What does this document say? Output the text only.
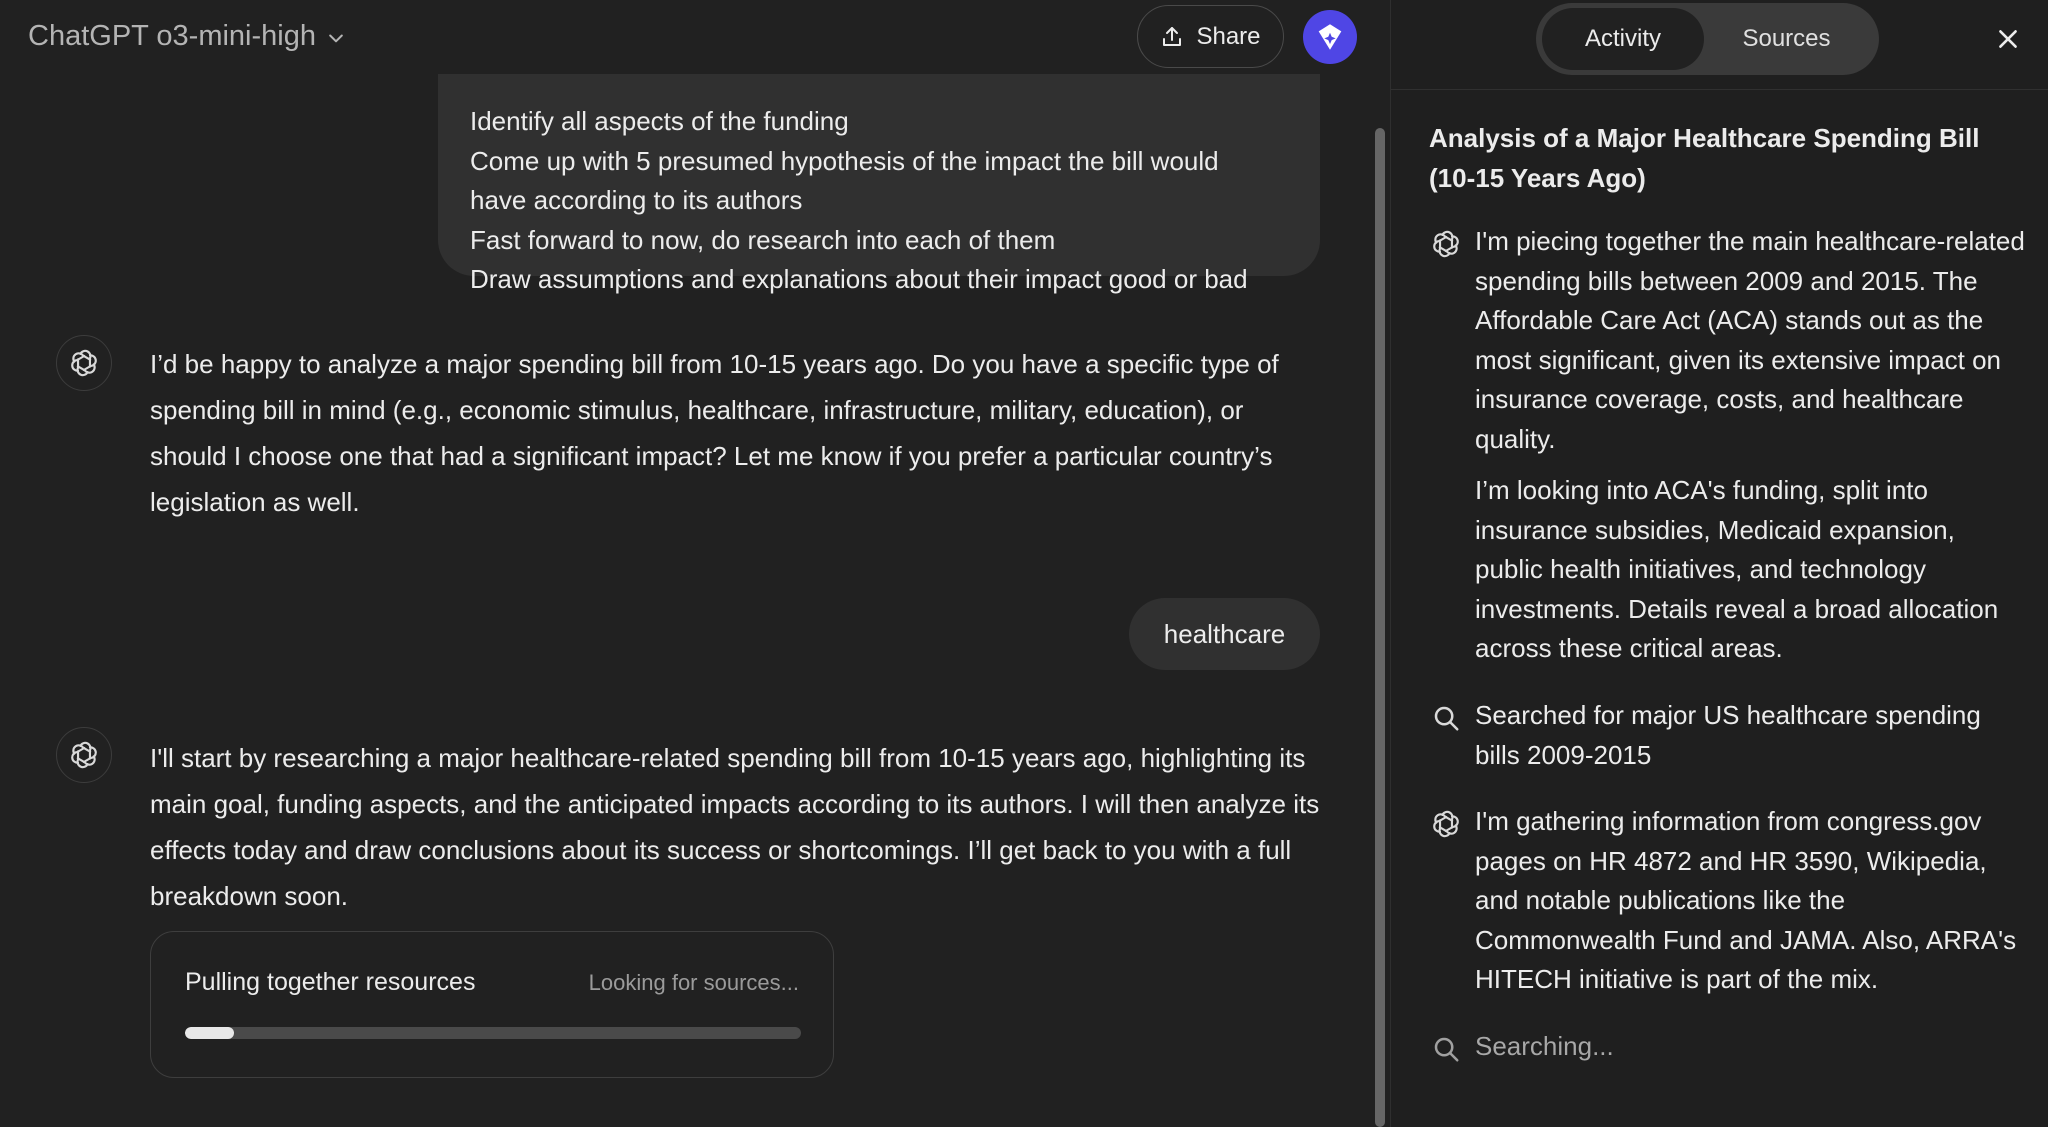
Identify all aspects of the funding
Come up with 5 presumed hypothesis of the impact the bill would
have according to its authors
Fast forward to now, do research into each of them
Draw assumptions and explanations about their impact good or bad
I’d be happy to analyze a major spending bill from 10-15 years ago. Do you have a specific type of spending bill in mind (e.g., economic stimulus, healthcare, infrastructure, military, education), or should I choose one that had a significant impact? Let me know if you prefer a particular country’s legislation as well.
healthcare
I'll start by researching a major healthcare-related spending bill from 10-15 years ago, highlighting its main goal, funding aspects, and the anticipated impacts according to its authors. I will then analyze its effects today and draw conclusions about its success or shortcomings. I’ll get back to you with a full breakdown soon.
Pulling together resources	Looking for sources...
ChatGPT o3-mini-high	Share	Activity	Sources
Analysis of a Major Healthcare Spending Bill (10-15 Years Ago)

I'm piecing together the main healthcare-related spending bills between 2009 and 2015. The Affordable Care Act (ACA) stands out as the most significant, given its extensive impact on insurance coverage, costs, and healthcare quality.

I’m looking into ACA's funding, split into insurance subsidies, Medicaid expansion, public health initiatives, and technology investments. Details reveal a broad allocation across these critical areas.

Searched for major US healthcare spending bills 2009-2015
I'm gathering information from congress.gov pages on HR 4872 and HR 3590, Wikipedia, and notable publications like the Commonwealth Fund and JAMA. Also, ARRA's HITECH initiative is part of the mix.
Searching...
